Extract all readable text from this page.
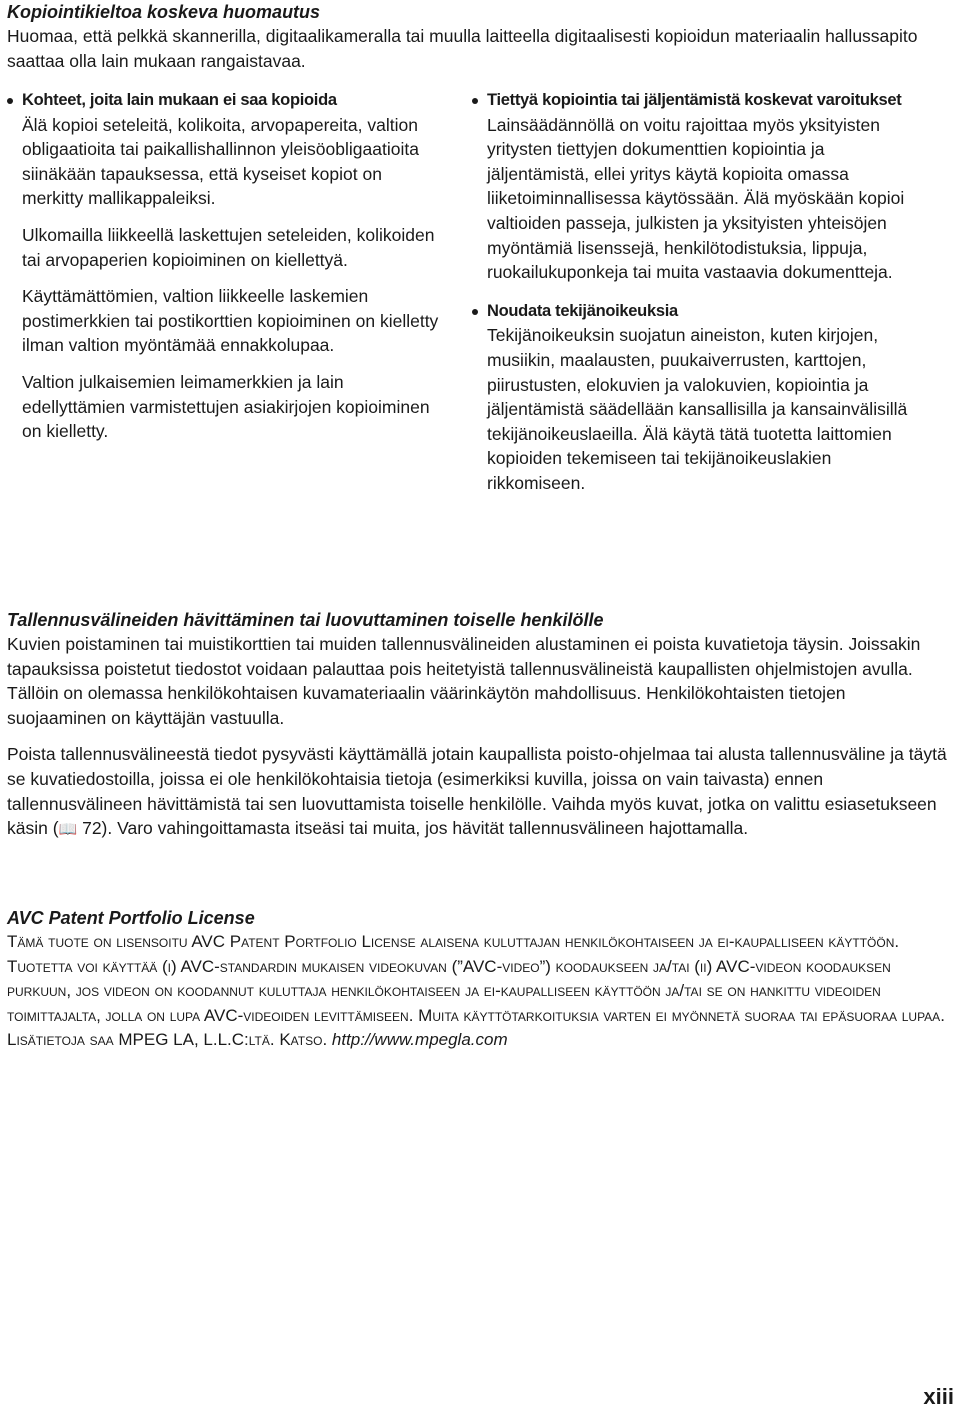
Kopiointikieltoa koskeva huomautus

Huomaa, että pelkkä skannerilla, digitaalikameralla tai muulla laitteella digitaalisesti kopioidun materiaalin hallussapito saattaa olla lain mukaan rangaistavaa.

Kohteet, joita lain mukaan ei saa kopioida

Älä kopioi seteleitä, kolikoita, arvopapereita, valtion obligaatioita tai paikallishallinnon yleisöobligaatioita siinäkään tapauksessa, että kyseiset kopiot on merkitty mallikappaleiksi.

Ulkomailla liikkeellä laskettujen seteleiden, kolikoiden tai arvopaperien kopioiminen on kiellettyä.

Käyttämättömien, valtion liikkeelle laskemien postimerkkien tai postikorttien kopioiminen on kielletty ilman valtion myöntämää ennakkolupaa.

Valtion julkaisemien leimamerkkien ja lain edellyttämien varmistettujen asiakirjojen kopioiminen on kielletty.

Tiettyä kopiointia tai jäljentämistä koskevat varoitukset

Lainsäädännöllä on voitu rajoittaa myös yksityisten yritysten tiettyjen dokumenttien kopiointia ja jäljentämistä, ellei yritys käytä kopioita omassa liiketoiminnallisessa käytössään. Älä myöskään kopioi valtioiden passeja, julkisten ja yksityisten yhteisöjen myöntämiä lisenssejä, henkilötodistuksia, lippuja, ruokailukuponkeja tai muita vastaavia dokumentteja.

Noudata tekijänoikeuksia

Tekijänoikeuksin suojatun aineiston, kuten kirjojen, musiikin, maalausten, puukaiverrusten, karttojen, piirustusten, elokuvien ja valokuvien, kopiointia ja jäljentämistä säädellään kansallisilla ja kansainvälisillä tekijänoikeuslaeilla. Älä käytä tätä tuotetta laittomien kopioiden tekemiseen tai tekijänoikeuslakien rikkomiseen.

Tallennusvälineiden hävittäminen tai luovuttaminen toiselle henkilölle

Kuvien poistaminen tai muistikorttien tai muiden tallennusvälineiden alustaminen ei poista kuvatietoja täysin. Joissakin tapauksissa poistetut tiedostot voidaan palauttaa pois heitetyistä tallennusvälineistä kaupallisten ohjelmistojen avulla. Tällöin on olemassa henkilökohtaisen kuvamateriaalin väärinkäytön mahdollisuus. Henkilökohtaisten tietojen suojaaminen on käyttäjän vastuulla.

Poista tallennusvälineestä tiedot pysyvästi käyttämällä jotain kaupallista poisto-ohjelmaa tai alusta tallennusväline ja täytä se kuvatiedostoilla, joissa ei ole henkilökohtaisia tietoja (esimerkiksi kuvilla, joissa on vain taivasta) ennen tallennusvälineen hävittämistä tai sen luovuttamista toiselle henkilölle. Vaihda myös kuvat, jotka on valittu esiasetukseen käsin (📖 72). Varo vahingoittamasta itseäsi tai muita, jos hävität tallennusvälineen hajottamalla.

AVC Patent Portfolio License

Tämä tuote on lisensoitu AVC Patent Portfolio License alaisena kuluttajan henkilökohtaiseen ja ei-kaupalliseen käyttöön. Tuotetta voi käyttää (i) AVC-standardin mukaisen videokuvan (”AVC-video”) koodaukseen ja/tai (ii) AVC-videon koodauksen purkuun, jos videon on koodannut kuluttaja henkilökohtaiseen ja ei-kaupalliseen käyttöön ja/tai se on hankittu videoiden toimittajalta, jolla on lupa AVC-videoiden levittämiseen. Muita käyttötarkoituksia varten ei myönnetä suoraa tai epäsuoraa lupaa. Lisätietoja saa MPEG LA, L.L.C:ltä. Katso. http://www.mpegla.com

xiii
